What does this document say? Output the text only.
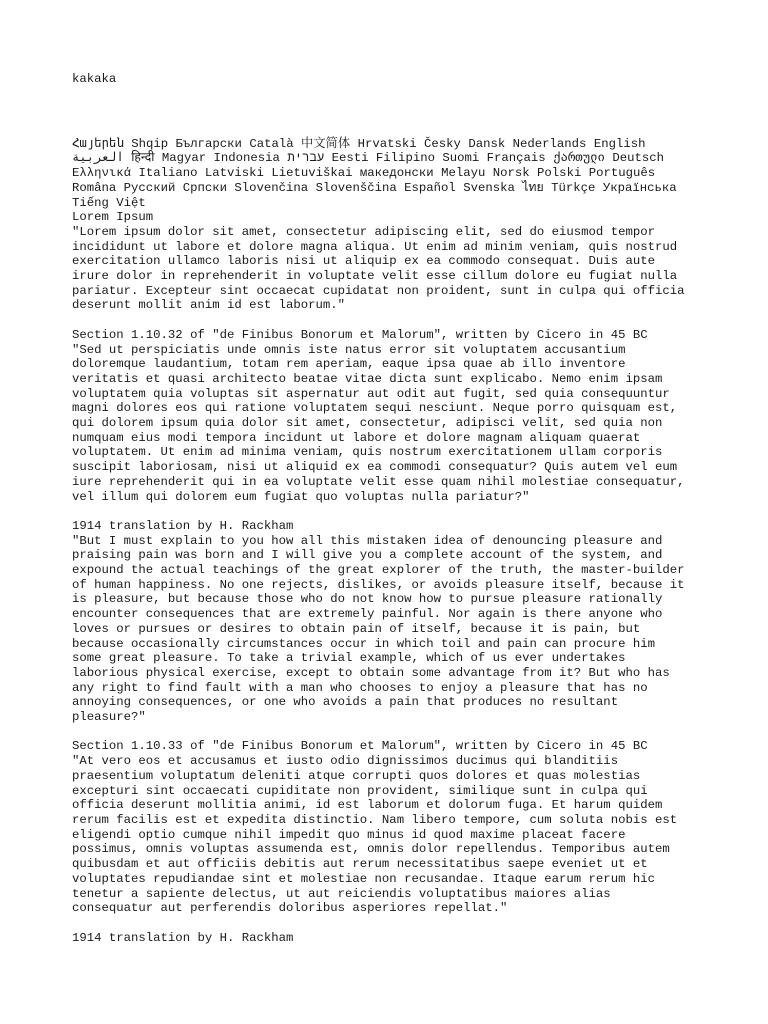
kakaka
Հայերեն Shqip Български Català 中文简体 Hrvatski Česky Dansk Nederlands English العربية हिन्दी Magyar Indonesia עברית Eesti Filipino Suomi Français ქართული Deutsch Ελληνικά Italiano Latviski Lietuviškai македонски Melayu Norsk Polski Português Româna Русский Српски Slovenčina Slovenščina Español Svenska ไทย Türkçe Українська Tiếng Việt
Lorem Ipsum
"Lorem ipsum dolor sit amet, consectetur adipiscing elit, sed do eiusmod tempor
incididunt ut labore et dolore magna aliqua. Ut enim ad minim veniam, quis nostrud
exercitation ullamco laboris nisi ut aliquip ex ea commodo consequat. Duis aute
irure dolor in reprehenderit in voluptate velit esse cillum dolore eu fugiat nulla
pariatur. Excepteur sint occaecat cupidatat non proident, sunt in culpa qui officia
deserunt mollit anim id est laborum."
Section 1.10.32 of "de Finibus Bonorum et Malorum", written by Cicero in 45 BC
"Sed ut perspiciatis unde omnis iste natus error sit voluptatem accusantium
doloremque laudantium, totam rem aperiam, eaque ipsa quae ab illo inventore
veritatis et quasi architecto beatae vitae dicta sunt explicabo. Nemo enim ipsam
voluptatem quia voluptas sit aspernatur aut odit aut fugit, sed quia consequuntur
magni dolores eos qui ratione voluptatem sequi nesciunt. Neque porro quisquam est,
qui dolorem ipsum quia dolor sit amet, consectetur, adipisci velit, sed quia non
numquam eius modi tempora incidunt ut labore et dolore magnam aliquam quaerat
voluptatem. Ut enim ad minima veniam, quis nostrum exercitationem ullam corporis
suscipit laboriosam, nisi ut aliquid ex ea commodi consequatur? Quis autem vel eum
iure reprehenderit qui in ea voluptate velit esse quam nihil molestiae consequatur,
vel illum qui dolorem eum fugiat quo voluptas nulla pariatur?"
1914 translation by H. Rackham
"But I must explain to you how all this mistaken idea of denouncing pleasure and
praising pain was born and I will give you a complete account of the system, and
expound the actual teachings of the great explorer of the truth, the master-builder
of human happiness. No one rejects, dislikes, or avoids pleasure itself, because it
is pleasure, but because those who do not know how to pursue pleasure rationally
encounter consequences that are extremely painful. Nor again is there anyone who
loves or pursues or desires to obtain pain of itself, because it is pain, but
because occasionally circumstances occur in which toil and pain can procure him
some great pleasure. To take a trivial example, which of us ever undertakes
laborious physical exercise, except to obtain some advantage from it? But who has
any right to find fault with a man who chooses to enjoy a pleasure that has no
annoying consequences, or one who avoids a pain that produces no resultant
pleasure?"
Section 1.10.33 of "de Finibus Bonorum et Malorum", written by Cicero in 45 BC
"At vero eos et accusamus et iusto odio dignissimos ducimus qui blanditiis
praesentium voluptatum deleniti atque corrupti quos dolores et quas molestias
excepturi sint occaecati cupiditate non provident, similique sunt in culpa qui
officia deserunt mollitia animi, id est laborum et dolorum fuga. Et harum quidem
rerum facilis est et expedita distinctio. Nam libero tempore, cum soluta nobis est
eligendi optio cumque nihil impedit quo minus id quod maxime placeat facere
possimus, omnis voluptas assumenda est, omnis dolor repellendus. Temporibus autem
quibusdam et aut officiis debitis aut rerum necessitatibus saepe eveniet ut et
voluptates repudiandae sint et molestiae non recusandae. Itaque earum rerum hic
tenetur a sapiente delectus, ut aut reiciendis voluptatibus maiores alias
consequatur aut perferendis doloribus asperiores repellat."
1914 translation by H. Rackham
